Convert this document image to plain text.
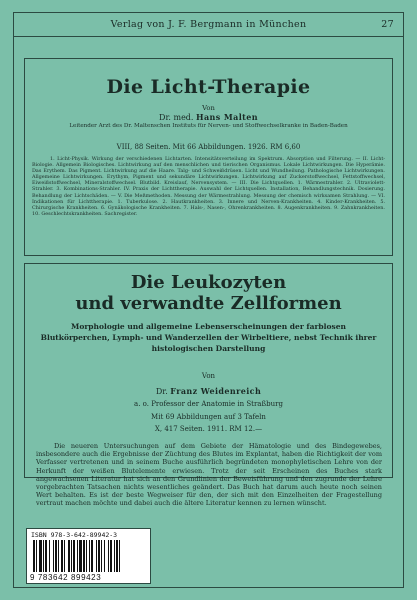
Verlag von J. F. Bergmann in München	27
Die Licht-Therapie
Von
Dr. med. Hans Malten
Leitender Arzt des Dr. Maltenschen Instituts für Nerven- und Stoffwechselkranke in Baden-Baden
VIII, 88 Seiten. Mit 66 Abbildungen. 1926. RM 6,60
1. Licht-Physik. Wirkung der verschiedenen Lichtarten. Intensitätsverteilung im Spektrum. Absorption und Filterung. — II. Licht-Biologie. Allgemein Biologisches. Lichtwirkung auf den menschlichen und tierischen Organismus. Lokale Lichtwirkungen. Die Hyperämie. Das Erythem. Das Pigment. Lichtwirkung auf die Haare. Talg- und Schweißdrüsen. Licht und Wundheilung. Pathologische Lichtwirkungen. Allgemeine Lichtwirkungen. Erythym, Pigment und sekundäre Lichtwirkungen. Lichtwirkung auf Zuckerstoffwechsel, Fettstoffwechsel, Eiweißstoffwechsel, Mineralstoffwechsel. Blutbild. Kreislauf, Nervensystem. — III. Die Lichtquellen. 1. Wärmestrahler. 2. Ultraviolett-Strahler. 3. Kombinations-Strahler. IV. Praxis der Lichttherapie. Auswahl der Lichtquellen. Installation, Behandlungstechnik. Dosierung. Behandlung der Lichtschäden. — V. Die Meßmethoden. Messung der Wärmestrahlung. Messung der chemisch wirksamen Strahlung. — VI. Indikationen für Lichttherapie. 1. Tuberkulose. 2. Hautkrankheiten. 3. Innere und Nerven-Krankheiten. 4. Kinder-Krankheiten. 5. Chirurgische Krankheiten. 6. Gynäkologische Krankheiten. 7. Hals-, Nasen-, Ohrenkrankheiten. 8. Augenkrankheiten. 9. Zahnkrankheiten. 10. Geschlechtskrankheiten. Sachregister.
Die Leukozyten
und verwandte Zellformen
Morphologie und allgemeine Lebenserscheinungen der farblosen Blutkörperchen, Lymph- und Wanderzellen der Wirbeltiere, nebst Technik ihrer histologischen Darstellung
Von
Dr. Franz Weidenreich
a. o. Professor der Anatomie in Straßburg
Mit 69 Abbildungen auf 3 Tafeln
X, 417 Seiten. 1911. RM 12.—
Die neueren Untersuchungen auf dem Gebiete der Hämatologie und des Bindegewebes, insbesondere auch die Ergebnisse der Züchtung des Blutes im Explantat, haben die Richtigkeit der vom Verfasser vertretenen und in seinem Buche ausführlich begründeten monophyletischen Lehre von der Herkunft der weißen Blutelemente erwiesen. Trotz der seit Erscheinen des Buches stark angewachsenen Literatur hat sich an den Grundlinien der Beweisführung und den zugrunde der Lehre vorgebrachten Tatsachen nichts wesentliches geändert. Das Buch hat darum auch heute noch seinen Wert behalten. Es ist der beste Wegweiser für den, der sich mit den Einzelheiten der Fragestellung vertraut machen möchte und dabei auch die ältere Literatur kennen zu lernen wünscht.
ISBN 978-3-642-89942-3
9 783642 899423
